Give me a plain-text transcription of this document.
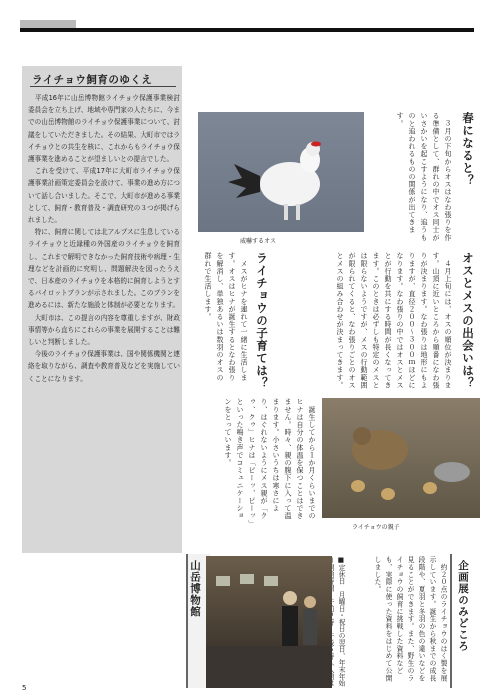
ライチョウ飼育のゆくえ
　平成16年に山岳博物館ライチョウ保護事業検討委員会を立ち上げ、地域や専門家の人たちに、今までの山岳博物館のライチョウ保護事業について、討議をしていただきました。その結果、大町市ではライチョウとの共生を核に、これからもライチョウ保護事業を進めることが望ましいとの提言でした。
　これを受けて、平成17年に大町市ライチョウ保護事業計画策定委員会を設けて、事業の進め方について話し合いました。そこで、大町市が進める事業として、飼育・教育普及・調査研究の３つが掲げられました。
　特に、飼育に関しては北アルプスに生息しているライチョウと近縁種の外国産のライチョウを飼育し、これまで解明できなかった飼育技術や病理・生理などを計画的に究明し、問題解決を図ったうえで、日本産のライチョウを本格的に飼育しようとするパイロットプランが示されました。このプランを進めるには、新たな施設と体制が必要となります。
　大町市は、この提言の内容を尊重しますが、財政事情等から直ちにこれらの事業を展開することは難しいと判断しました。
　今後のライチョウ保護事業は、国や関係機関と連絡を取りながら、調査や教育普及などを実施していくことになります。
威嚇するオス
春になると？
　３月の下旬からオスはなわ張りを作る準備として、群れの中でオス同士がいさかいを起こすようになり、追うものと追われるものの関係が出てきます。
オスとメスの出会いは？
　４月上旬には、オスの順位が決まります。山頂に近いところから順番になわ張りが決まります。なわ張りは地形にもよりますが、直径２００〜３００ｍほどになります。なわ張りの中ではオスとメスとが行動を共にする時間が長くなってきます。このときは必ずしも特定のメスとは限らないようですが、メスの行動範囲が限られてくると、なわ張りごとのオスとメスの組み合わせが決まってきます。
ライチョウの子育ては？
　メスがヒナを連れて一緒に生活します。オスはヒナが誕生するとなわ張りを解消し、単独あるいは数羽のオスの群れで生活します。
　誕生してから１か月くらいまでのヒナは自分の体温を保つことはできません。時々、親の腹下に入って温まります。小さいうちは寒さにより、はぐれないようにメス親が「クゥ、クゥ」ヒナは「ピーッ、ピーッ」といった鳴き声でコミュニケーションをとっています。
ライチョウの親子
山岳博物館	■定休日　月曜日・祝日の翌日、年末年始	　約２０点のライチョウのはく製を展示しています。誕生から秋までの成長段階や、夏羽と冬羽の色の違いなどを見ることができます。また、野生のライチョウの飼育に挑戦した資料なども、実際に使った資料をはじめて公開しました。	企画展のみどころ
5
